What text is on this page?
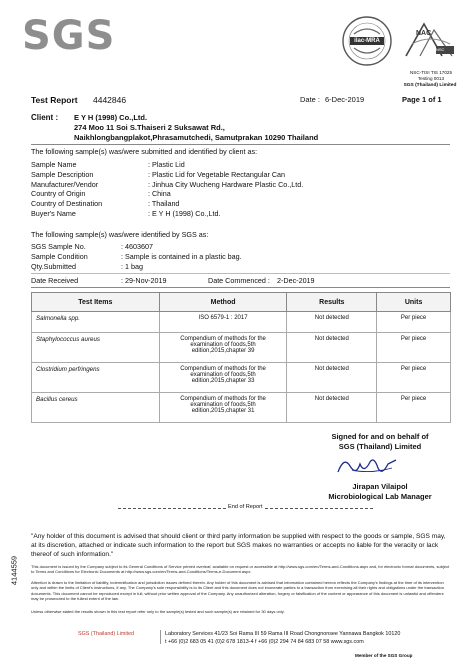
SGS	ilac-MRA
NAC
NSC
NSC-TISI TIS 17025
Testing 0013
SGS (Thailand) Limited
Test Report 4442846	Date : 6-Dec-2019	Page 1 of 1
Client : E Y H (1998) Co.,Ltd.
274 Moo 11 Soi S.Thaiseri 2 Suksawat Rd.,
Naikhlongbangplakot,Phrasamutchedi, Samutprakan 10290 Thailand
The following sample(s) was/were submitted and identified by client as:
Sample Name	: Plastic Lid
Sample Description	: Plastic Lid for Vegetable Rectangular Can
Manufacturer/Vendor	: Jinhua City Wucheng Hardware Plastic Co.,Ltd.
Country of Origin	: China
Country of Destination	: Thailand
Buyer's Name	: E Y H (1998) Co.,Ltd.
The following sample(s) was/were identified by SGS as:
SGS Sample No.	: 4603607
Sample Condition	: Sample is contained in a plastic bag.
Qty.Submitted	: 1 bag
Date Received	: 29-Nov-2019	Date Commenced : 2-Dec-2019
Test Items	Method	Results	Units
Salmonella spp.	ISO 6579-1 : 2017	Not detected	Per piece
Staphylococcus aureus	Compendium of methods for the examination of foods,5th edition,2015,chapter 39	Not detected	Per piece
Clostridium perfringens	Compendium of methods for the examination of foods,5th edition,2015,chapter 33	Not detected	Per piece
Bacillus cereus	Compendium of methods for the examination of foods,5th edition,2015,chapter 31	Not detected	Per piece
Signed for and on behalf of
SGS (Thailand) Limited
Jirapan Vilaipol
Microbiological Lab Manager
End of Report
"Any holder of this document is advised that should client or third party information be supplied with respect to the goods or sample, SGS may, at its discretion, attached or indicate such information to the report but SGS makes no warranties or accepts no liable for the veracity or lack thereof of such information."
4144559	This document is issued by the Company subject to its General Conditions of Service printed overleaf, available on request or accessible at http://www.sgs.com/en/Terms-and-Conditions.aspx and, for electronic format documents, subject to Terms and Conditions for Electronic Documents at http://www.sgs.com/en/Terms-and-Conditions/Terms-e-Document.aspx.
Attention is drawn to the limitation of liability, indemnification and jurisdiction issues defined therein. Any holder of this document is advised that information contained hereon reflects the Company's findings at the time of its intervention only and within the limits of Client's instructions, if any. The Company's sole responsibility is to its Client and this document does not exonerate parties to a transaction from exercising all their rights and obligations under the transaction documents. This document cannot be reproduced except in full, without prior written approval of the Company. Any unauthorized alteration, forgery or falsification of the content or appearance of this document is unlawful and offenders may be prosecuted to the fullest extent of the law.
Unless otherwise stated the results shown in this test report refer only to the sample(s) tested and such sample(s) are retained for 30 days only.
SGS (Thailand) Limited	Laboratory Services 41/23 Soi Rama III 59 Rama III Road Chongnonsee Yannawa Bangkok 10120
t +66 (0)2 683 05 41 (0)2 678 1813-4 f +66 (0)2 294 74 84 683 07 58 www.sgs.com
Member of the SGS Group
